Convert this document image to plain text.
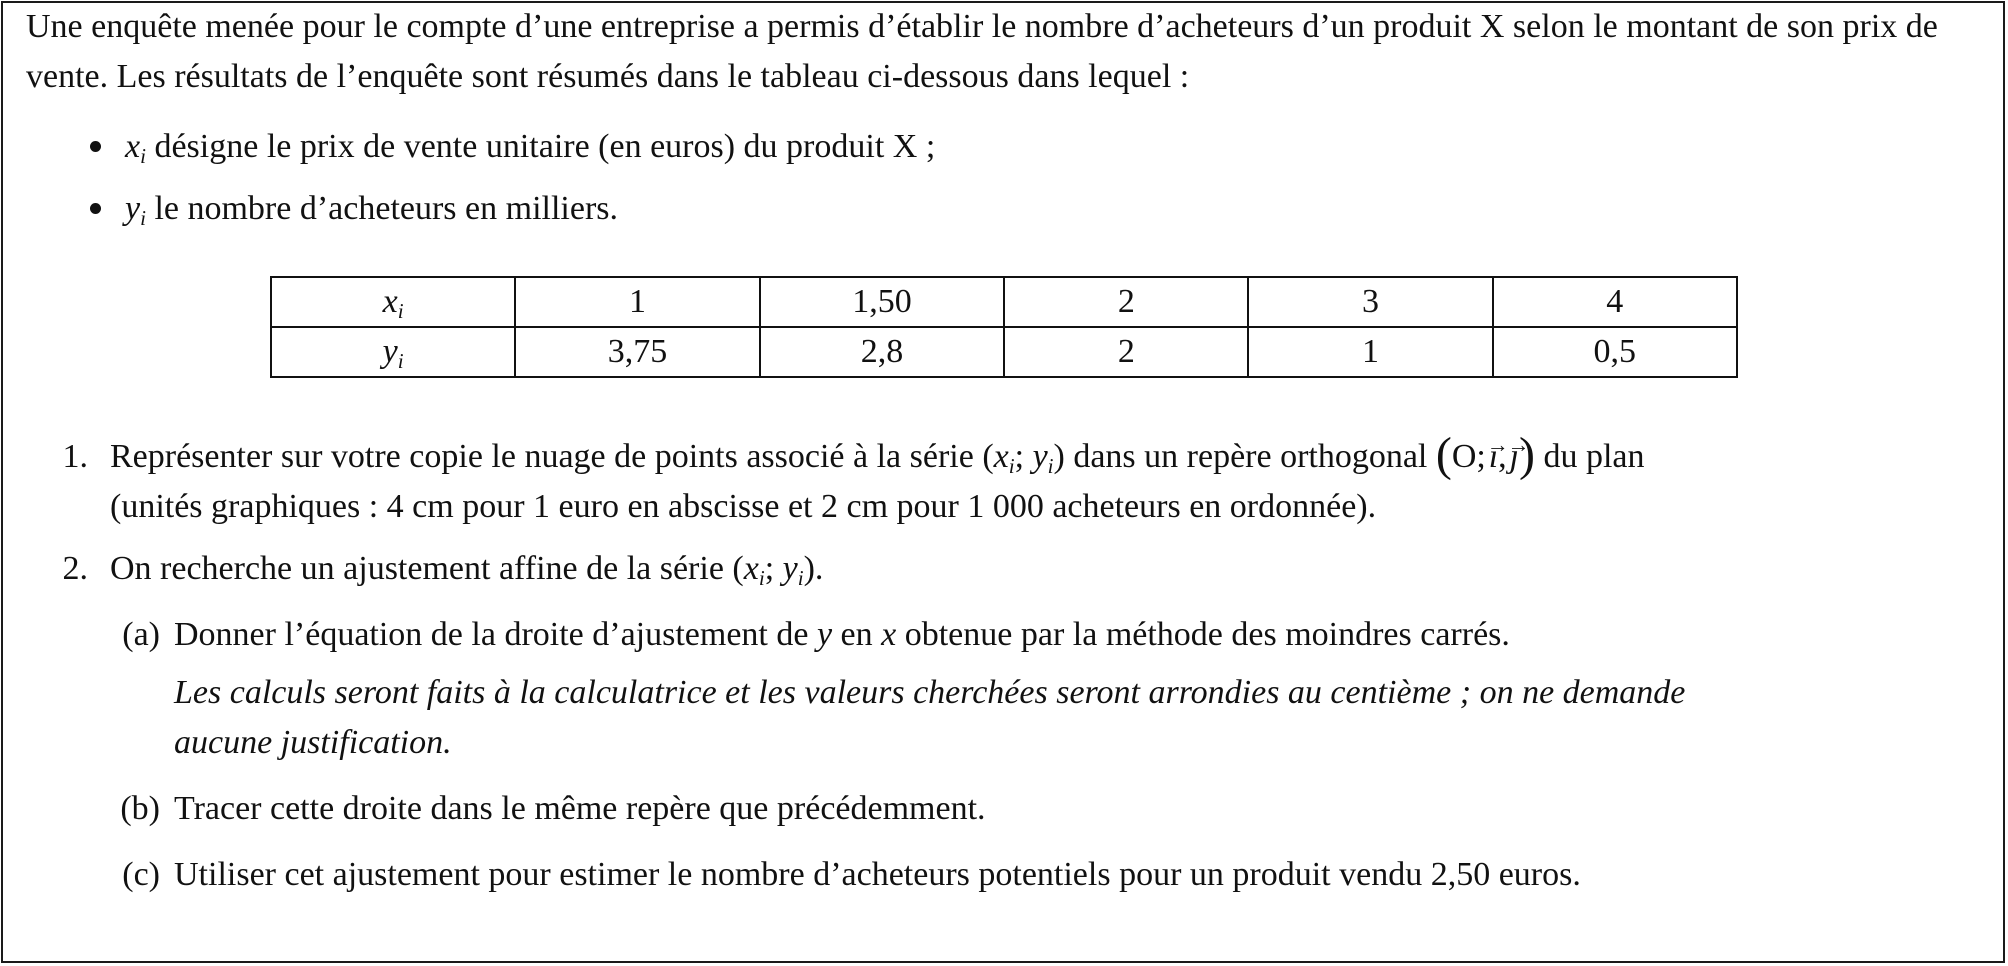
Une enquête menée pour le compte d’une entreprise a permis d’établir le nombre d’acheteurs d’un produit X selon le montant de son prix de vente. Les résultats de l’enquête sont résumés dans le tableau ci-dessous dans lequel :
$x_i$ désigne le prix de vente unitaire (en euros) du produit X ;
$y_i$ le nombre d’acheteurs en milliers.
$x_i$	1	1,50	2	3	4
$y_i$	3,75	2,8	2	1	0,5
1. Représenter sur votre copie le nuage de points associé à la série ($x_i$; $y_i$) dans un repère orthogonal (O; → ı, → ȷ) du plan
(unités graphiques : 4 cm pour 1 euro en abscisse et 2 cm pour 1 000 acheteurs en ordonnée).
2. On recherche un ajustement affine de la série ($x_i$; $y_i$).
(a) Donner l’équation de la droite d’ajustement de y en x obtenue par la méthode des moindres carrés.
Les calculs seront faits à la calculatrice et les valeurs cherchées seront arrondies au centième ; on ne demande
aucune justification.
(b) Tracer cette droite dans le même repère que précédemment.
(c) Utiliser cet ajustement pour estimer le nombre d’acheteurs potentiels pour un produit vendu 2,50 euros.
